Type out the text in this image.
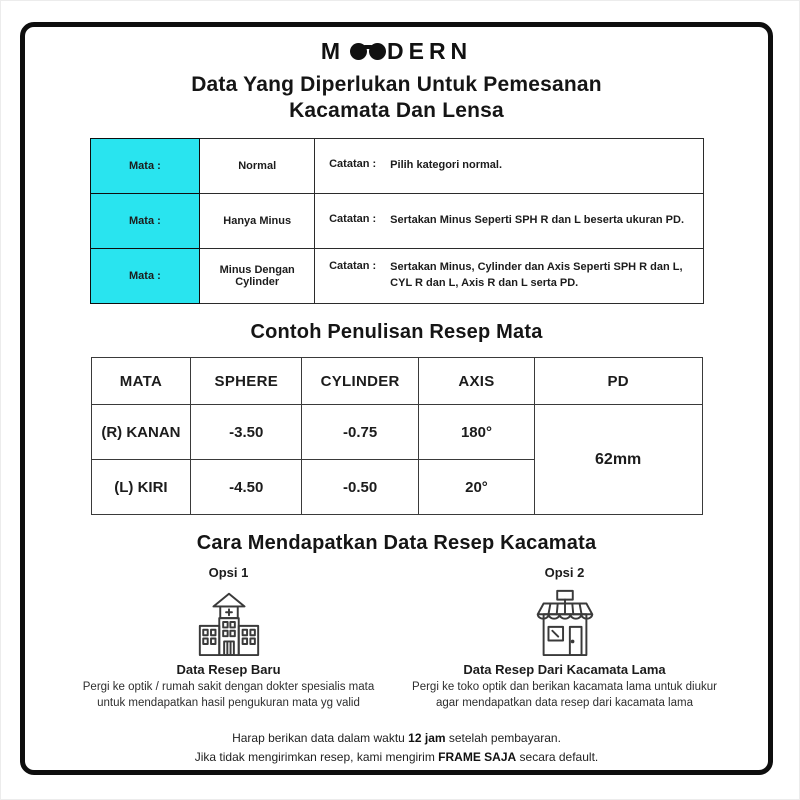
M DERN
Data Yang Diperlukan Untuk Pemesanan
Kacamata Dan Lensa
Mata :	Normal	Catatan : Pilih kategori normal.

Mata :	Hanya Minus	Catatan : Sertakan Minus Seperti SPH R dan L beserta ukuran PD.

Mata :	Minus Dengan Cylinder	Catatan : Sertakan Minus, Cylinder dan Axis Seperti SPH R dan L, CYL R dan L, Axis R dan L serta PD.
Contoh Penulisan Resep Mata
MATA	SPHERE	CYLINDER	AXIS	PD
(R) KANAN	-3.50	-0.75	180°	62mm
(L) KIRI	-4.50	-0.50	20°	
Cara Mendapatkan Data Resep Kacamata
Opsi 1
Data Resep Baru
Pergi ke optik / rumah sakit dengan dokter spesialis mata untuk mendapatkan hasil pengukuran mata yg valid
Opsi 2
Data Resep Dari Kacamata Lama
Pergi ke toko optik dan berikan kacamata lama untuk diukur agar mendapatkan data resep dari kacamata lama
Harap berikan data dalam waktu 12 jam setelah pembayaran.
Jika tidak mengirimkan resep, kami mengirim FRAME SAJA secara default.
